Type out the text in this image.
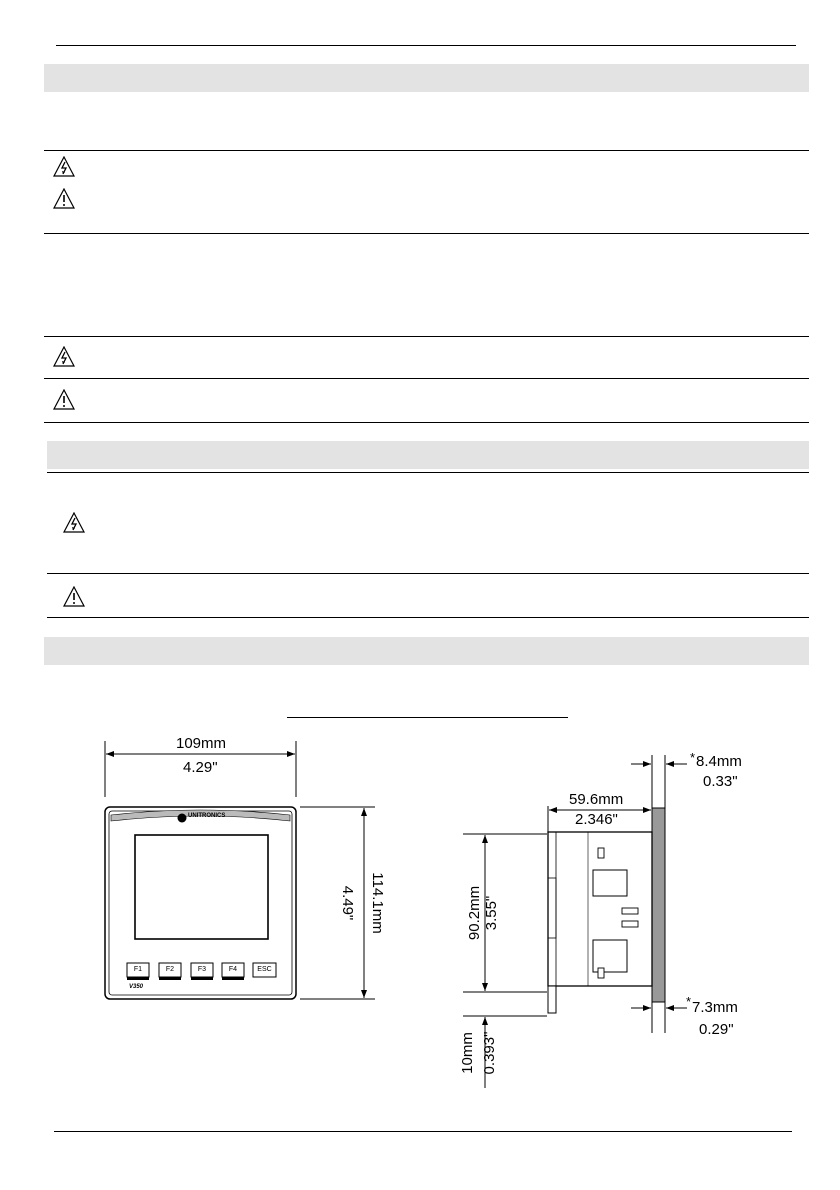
109mm
4.29"
UNITRONICS
V350
F1	F2	F3	F4	ESC
114.1mm
4.49"
59.6mm
2.346"
* 8.4mm
0.33"
* 7.3mm
0.29"
90.2mm 3.55"
10mm 0.393"
